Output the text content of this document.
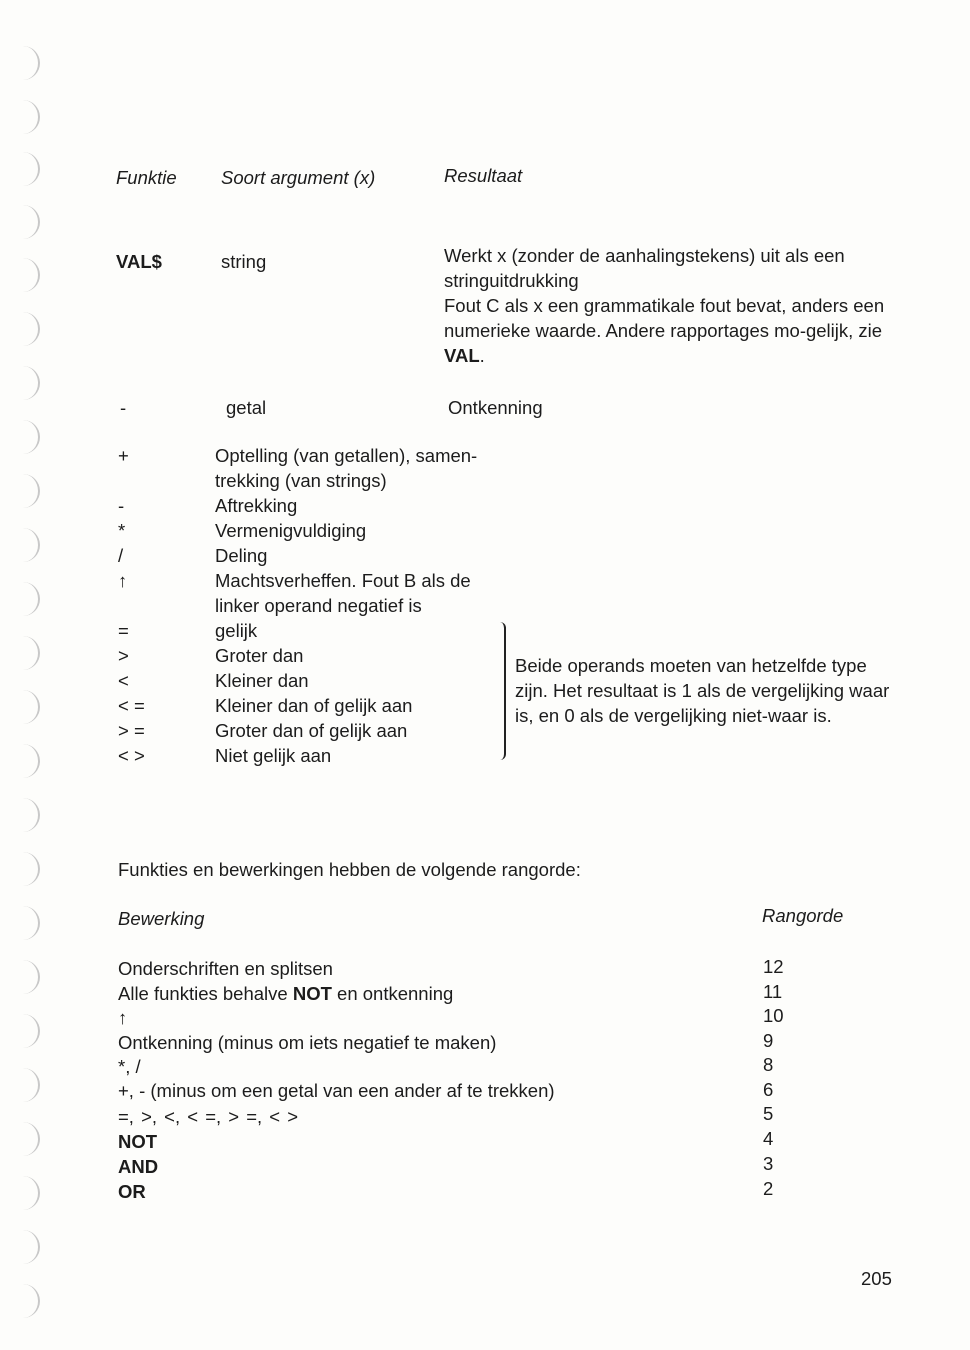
Funktie Soort argument (x)	Resultaat
VAL$	string	Werkt x (zonder de aanhalingstekens) uit als een stringuitdrukking
Fout C als x een grammatikale fout bevat, anders een numerieke waarde. Andere rapportages mo-gelijk, zie VAL.
-	getal	Ontkenning
+	Optelling (van getallen), samen-
trekking (van strings)
-	Aftrekking
*	Vermenigvuldiging
/	Deling
↑	Machtsverheffen. Fout B als de
linker operand negatief is
=	gelijk
>	Groter dan
<	Kleiner dan
< =	Kleiner dan of gelijk aan
> =	Groter dan of gelijk aan
< >	Niet gelijk aan
Beide operands moeten van hetzelfde type zijn. Het resultaat is 1 als de vergelijking waar is, en 0 als de vergelijking niet-waar is.
Funkties en bewerkingen hebben de volgende rangorde:
Bewerking	Rangorde
Onderschriften en splitsen	12
Alle funkties behalve NOT en ontkenning	11
↑	10
Ontkenning (minus om iets negatief te maken)	9
*, /	8
+, - (minus om een getal van een ander af te trekken)	6
=, >, <, < =, > =, < >	5
NOT	4
AND	3
OR	2
205
